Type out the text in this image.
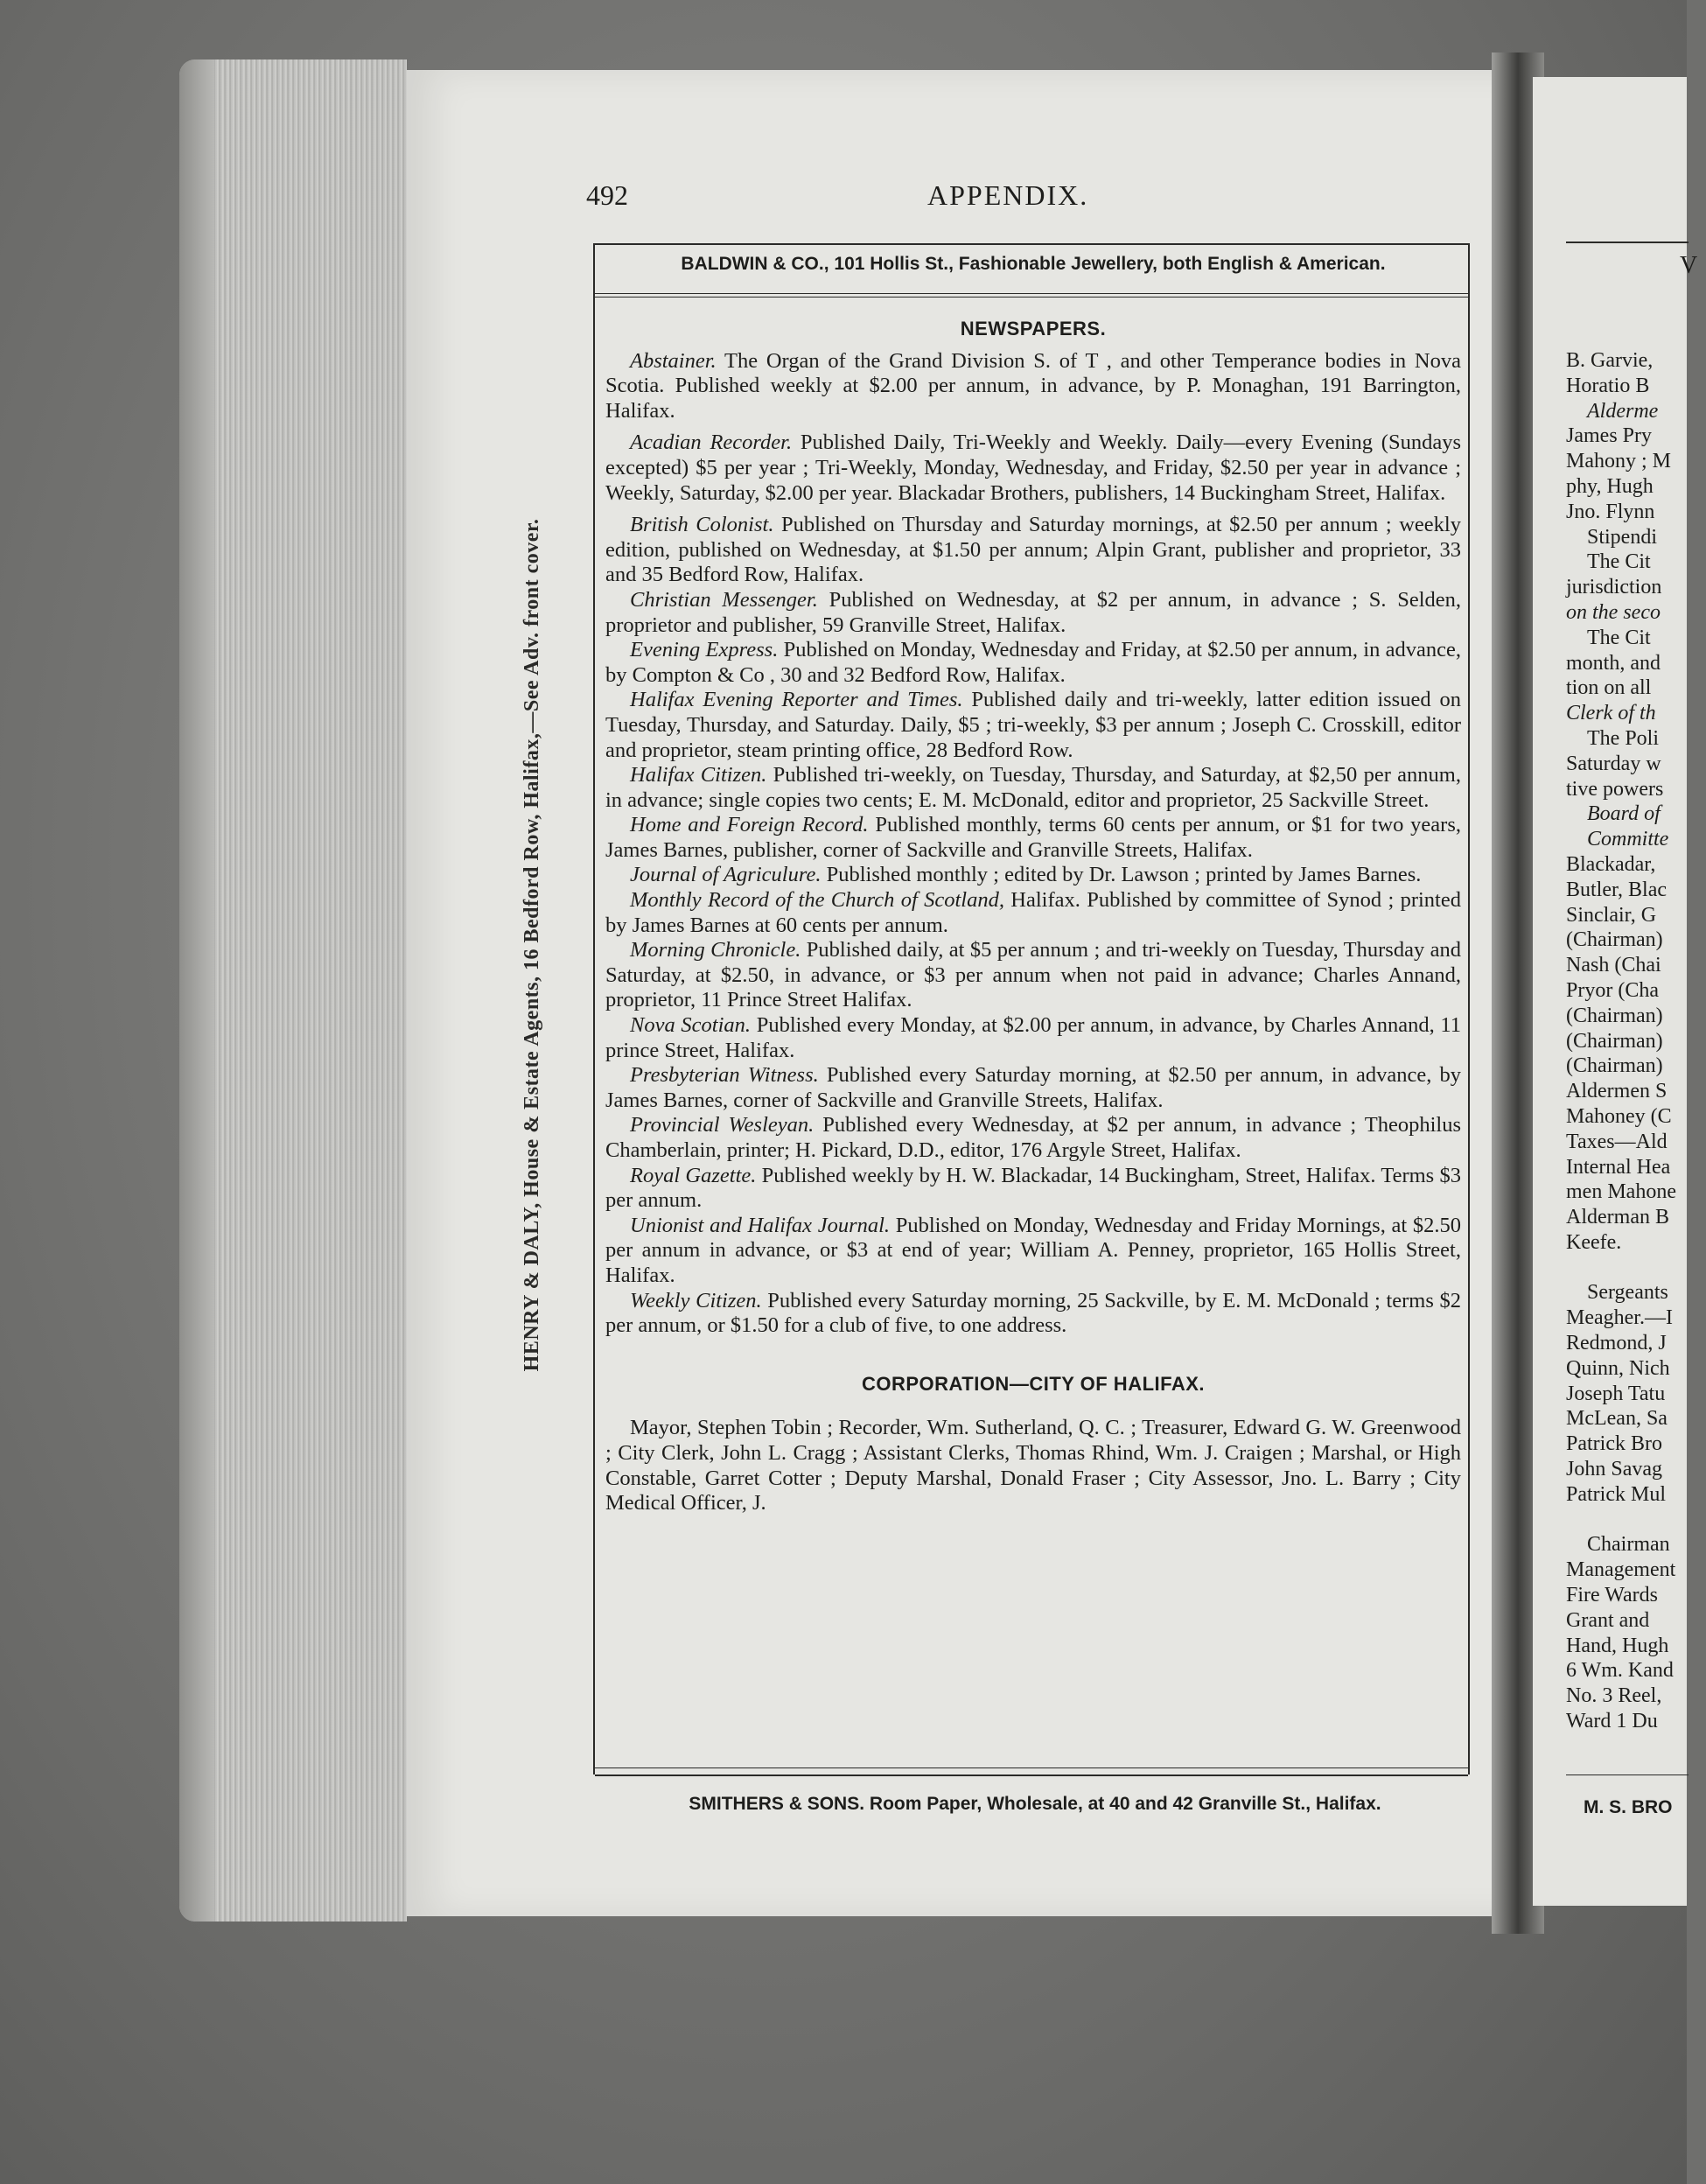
HENRY & DALY, House & Estate Agents, 16 Bedford Row, Halifax,—See Adv. front cover.
492	APPENDIX.
BALDWIN & CO., 101 Hollis St., Fashionable Jewellery, both English & American.
SMITHERS & SONS. Room Paper, Wholesale, at 40 and 42 Granville St., Halifax.
NEWSPAPERS.

Abstainer. The Organ of the Grand Division S. of T , and other Temperance bodies in Nova Scotia. Published weekly at $2.00 per annum, in advance, by P. Monaghan, 191 Barrington, Halifax.

Acadian Recorder. Published Daily, Tri-Weekly and Weekly. Daily—every Evening (Sundays excepted) $5 per year ; Tri-Weekly, Monday, Wednesday, and Friday, $2.50 per year in advance ; Weekly, Saturday, $2.00 per year. Blackadar Brothers, publishers, 14 Buckingham Street, Halifax.

British Colonist. Published on Thursday and Saturday mornings, at $2.50 per annum ; weekly edition, published on Wednesday, at $1.50 per annum; Alpin Grant, publisher and proprietor, 33 and 35 Bedford Row, Halifax.

Christian Messenger. Published on Wednesday, at $2 per annum, in advance ; S. Selden, proprietor and publisher, 59 Granville Street, Halifax.

Evening Express. Published on Monday, Wednesday and Friday, at $2.50 per annum, in advance, by Compton & Co , 30 and 32 Bedford Row, Halifax.

Halifax Evening Reporter and Times. Published daily and tri-weekly, latter edition issued on Tuesday, Thursday, and Saturday. Daily, $5 ; tri-weekly, $3 per annum ; Joseph C. Crosskill, editor and proprietor, steam printing office, 28 Bedford Row.

Halifax Citizen. Published tri-weekly, on Tuesday, Thursday, and Saturday, at $2,50 per annum, in advance; single copies two cents; E. M. McDonald, editor and proprietor, 25 Sackville Street.

Home and Foreign Record. Published monthly, terms 60 cents per annum, or $1 for two years, James Barnes, publisher, corner of Sackville and Granville Streets, Halifax.

Journal of Agriculure. Published monthly ; edited by Dr. Lawson ; printed by James Barnes.

Monthly Record of the Church of Scotland, Halifax. Published by committee of Synod ; printed by James Barnes at 60 cents per annum.

Morning Chronicle. Published daily, at $5 per annum ; and tri-weekly on Tuesday, Thursday and Saturday, at $2.50, in advance, or $3 per annum when not paid in advance; Charles Annand, proprietor, 11 Prince Street Halifax.

Nova Scotian. Published every Monday, at $2.00 per annum, in advance, by Charles Annand, 11 prince Street, Halifax.

Presbyterian Witness. Published every Saturday morning, at $2.50 per annum, in advance, by James Barnes, corner of Sackville and Granville Streets, Halifax.

Provincial Wesleyan. Published every Wednesday, at $2 per annum, in advance ; Theophilus Chamberlain, printer; H. Pickard, D.D., editor, 176 Argyle Street, Halifax.

Royal Gazette. Published weekly by H. W. Blackadar, 14 Buckingham, Street, Halifax. Terms $3 per annum.

Unionist and Halifax Journal. Published on Monday, Wednesday and Friday Mornings, at $2.50 per annum in advance, or $3 at end of year; William A. Penney, proprietor, 165 Hollis Street, Halifax.

Weekly Citizen. Published every Saturday morning, 25 Sackville, by E. M. McDonald ; terms $2 per annum, or $1.50 for a club of five, to one address.

CORPORATION—CITY OF HALIFAX.

Mayor, Stephen Tobin ; Recorder, Wm. Sutherland, Q. C. ; Treasurer, Edward G. W. Greenwood ; City Clerk, John L. Cragg ; Assistant Clerks, Thomas Rhind, Wm. J. Craigen ; Marshal, or High Constable, Garret Cotter ; Deputy Marshal, Donald Fraser ; City Assessor, Jno. L. Barry ; City Medical Officer, J.

V
B. Garvie,
Horatio B
Alderme
James Pry
Mahony ; M
phy, Hugh
Jno. Flynn
Stipendi
The Cit
jurisdiction
on the seco
The Cit
month, and
tion on all
Clerk of th
The Poli
Saturday w
tive powers
Board of
Committe
Blackadar,
Butler, Blac
Sinclair, G
(Chairman)
Nash (Chai
Pryor (Cha
(Chairman)
(Chairman)
(Chairman)
Aldermen S
Mahoney (C
Taxes—Ald
Internal Hea
men Mahone
Alderman B
Keefe.
Sergeants
Meagher.—I
Redmond, J
Quinn, Nich
Joseph Tatu
McLean, Sa
Patrick Bro
John Savag
Patrick Mul
Chairman
Management
Fire Wards
Grant and
Hand, Hugh
6 Wm. Kand
No. 3 Reel,
Ward 1 Du
M. S. BRO
